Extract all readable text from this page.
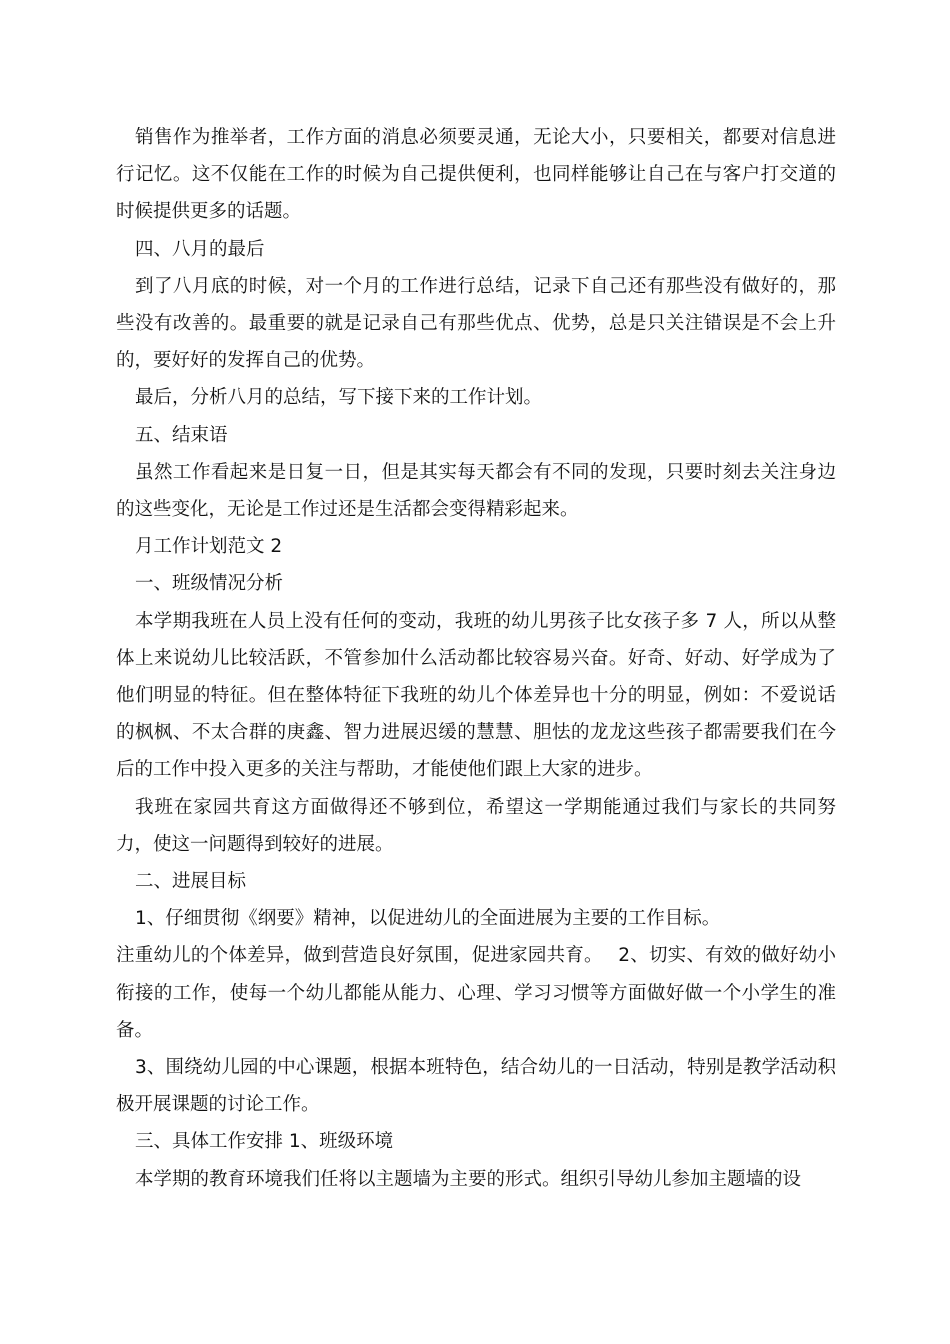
销售作为推举者，工作方面的消息必须要灵通，无论大小，只要相关，都要对信息进行记忆。这不仅能在工作的时候为自己提供便利，也同样能够让自己在与客户打交道的时候提供更多的话题。

四、八月的最后

到了八月底的时候，对一个月的工作进行总结，记录下自己还有那些没有做好的，那些没有改善的。最重要的就是记录自己有那些优点、优势，总是只关注错误是不会上升的，要好好的发挥自己的优势。

最后，分析八月的总结，写下接下来的工作计划。

五、结束语

虽然工作看起来是日复一日，但是其实每天都会有不同的发现，只要时刻去关注身边的这些变化，无论是工作过还是生活都会变得精彩起来。

月工作计划范文 2

一、班级情况分析

本学期我班在人员上没有任何的变动，我班的幼儿男孩子比女孩子多 7 人，所以从整体上来说幼儿比较活跃，不管参加什么活动都比较容易兴奋。好奇、好动、好学成为了他们明显的特征。但在整体特征下我班的幼儿个体差异也十分的明显，例如：不爱说话的枫枫、不太合群的庚鑫、智力进展迟缓的慧慧、胆怯的龙龙这些孩子都需要我们在今后的工作中投入更多的关注与帮助，才能使他们跟上大家的进步。

我班在家园共育这方面做得还不够到位，希望这一学期能通过我们与家长的共同努力，使这一问题得到较好的进展。

二、进展目标

1、仔细贯彻《纲要》精神，以促进幼儿的全面进展为主要的工作目标。

注重幼儿的个体差异，做到营造良好氛围，促进家园共育。　 2、切实、有效的做好幼小衔接的工作，使每一个幼儿都能从能力、心理、学习习惯等方面做好做一个小学生的准备。

3、围绕幼儿园的中心课题，根据本班特色，结合幼儿的一日活动，特别是教学活动积极开展课题的讨论工作。

三、具体工作安排 1、班级环境

本学期的教育环境我们任将以主题墙为主要的形式。组织引导幼儿参加主题墙的设
